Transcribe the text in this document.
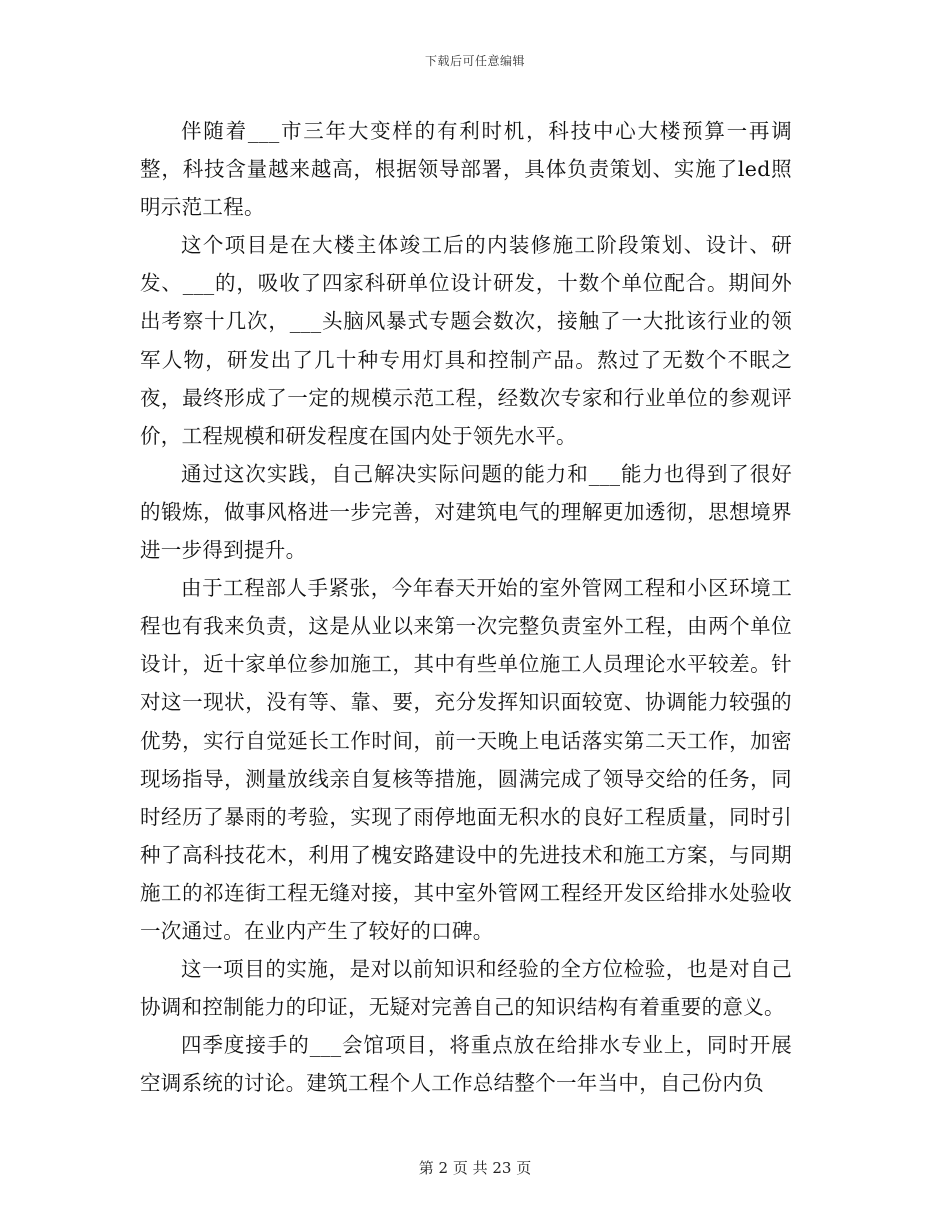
下载后可任意编辑

伴随着___市三年大变样的有利时机，科技中心大楼预算一再调整，科技含量越来越高，根据领导部署，具体负责策划、实施了led照明示范工程。

这个项目是在大楼主体竣工后的内装修施工阶段策划、设计、研发、___的，吸收了四家科研单位设计研发，十数个单位配合。期间外出考察十几次，___头脑风暴式专题会数次，接触了一大批该行业的领军人物，研发出了几十种专用灯具和控制产品。熬过了无数个不眠之夜，最终形成了一定的规模示范工程，经数次专家和行业单位的参观评价，工程规模和研发程度在国内处于领先水平。

通过这次实践，自己解决实际问题的能力和___能力也得到了很好的锻炼，做事风格进一步完善，对建筑电气的理解更加透彻，思想境界进一步得到提升。

由于工程部人手紧张，今年春天开始的室外管网工程和小区环境工程也有我来负责，这是从业以来第一次完整负责室外工程，由两个单位设计，近十家单位参加施工，其中有些单位施工人员理论水平较差。针对这一现状，没有等、靠、要，充分发挥知识面较宽、协调能力较强的优势，实行自觉延长工作时间，前一天晚上电话落实第二天工作，加密现场指导，测量放线亲自复核等措施，圆满完成了领导交给的任务，同时经历了暴雨的考验，实现了雨停地面无积水的良好工程质量，同时引种了高科技花木，利用了槐安路建设中的先进技术和施工方案，与同期施工的祁连街工程无缝对接，其中室外管网工程经开发区给排水处验收一次通过。在业内产生了较好的口碑。

这一项目的实施，是对以前知识和经验的全方位检验，也是对自己协调和控制能力的印证，无疑对完善自己的知识结构有着重要的意义。

四季度接手的___会馆项目，将重点放在给排水专业上，同时开展空调系统的讨论。建筑工程个人工作总结整个一年当中，自己份内负

第 2 页 共 23 页
